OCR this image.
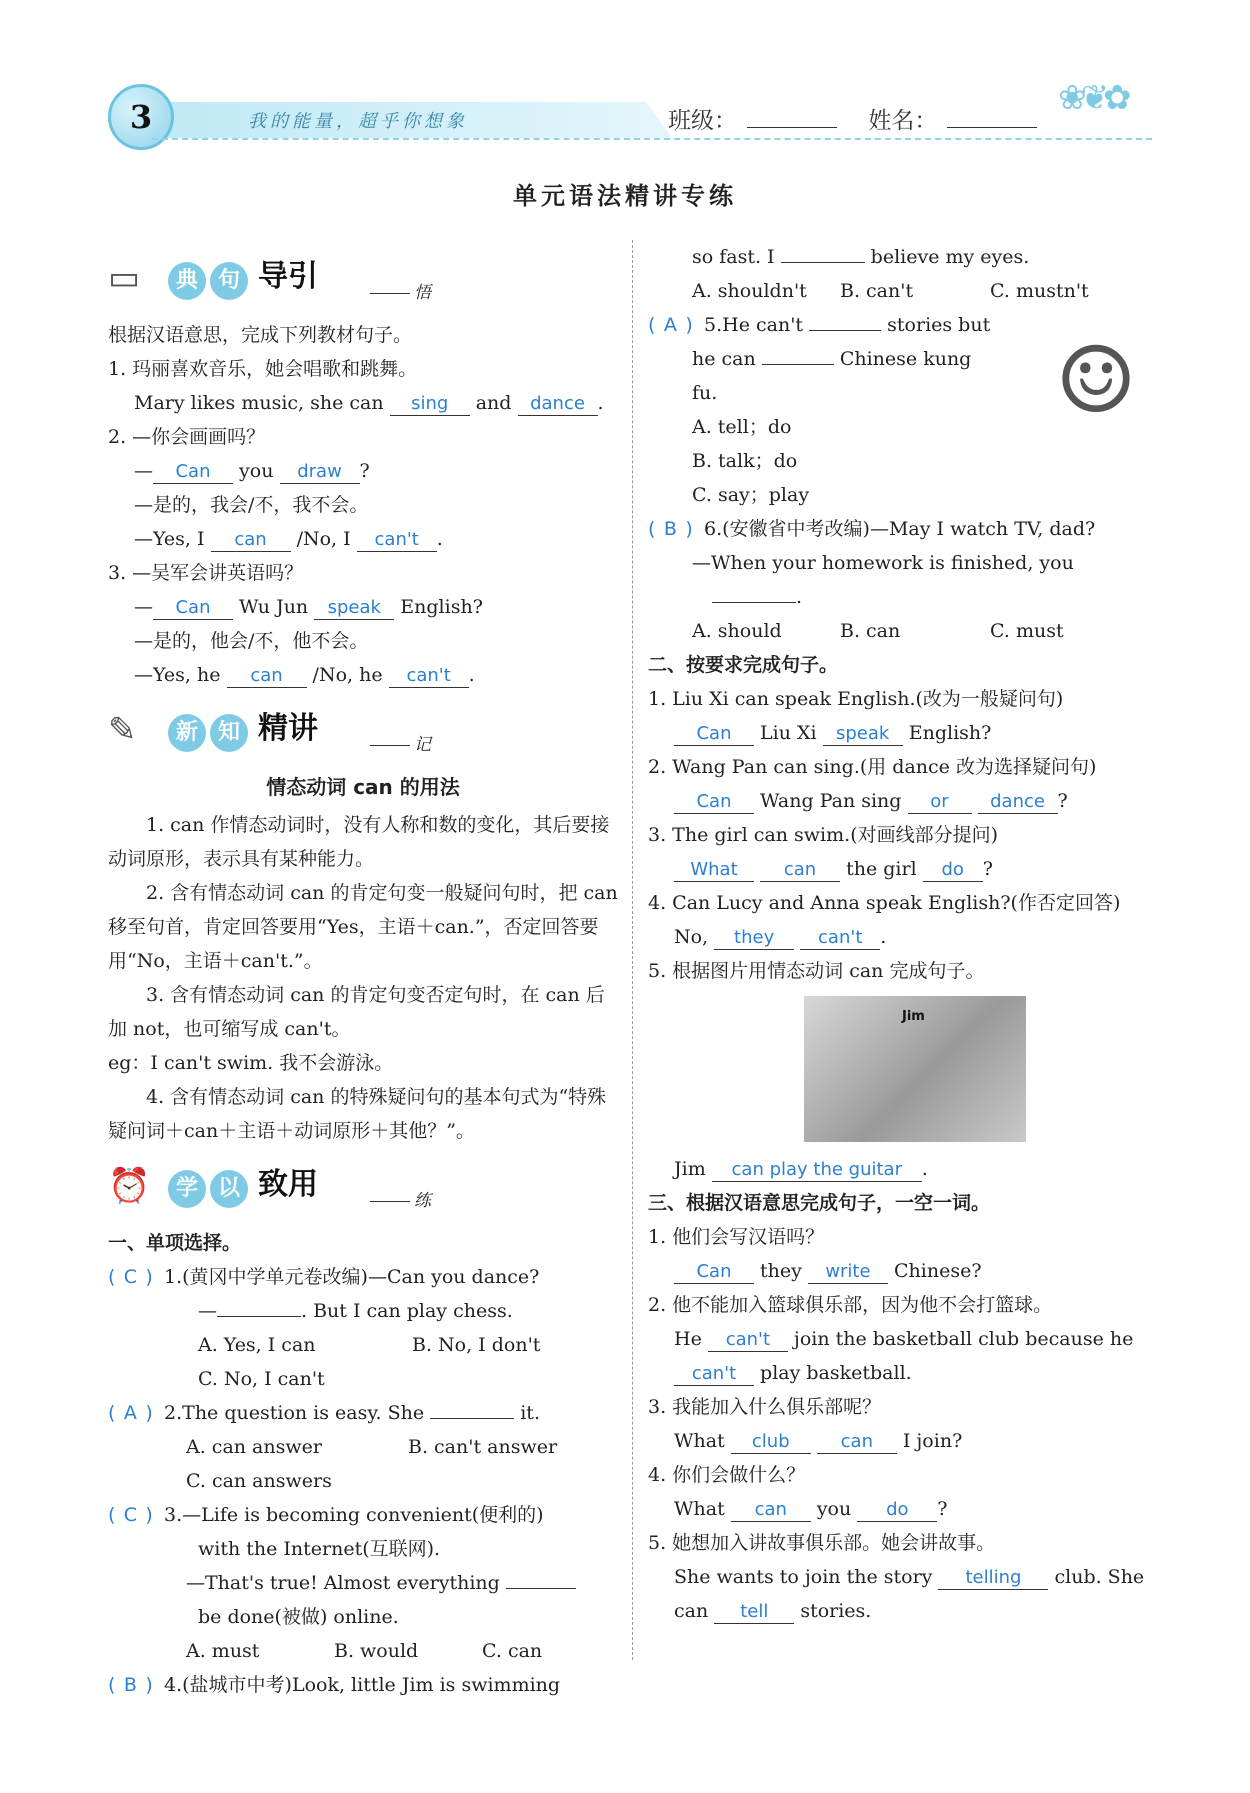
3	我的能量，超乎你想象	班级：	姓名：
❀❦✿
单元语法精讲专练
▭	典 句 导引	悟

根据汉语意思，完成下列教材句子。

1. 玛丽喜欢音乐，她会唱歌和跳舞。

Mary likes music, she can sing and dance .

2. —你会画画吗？

— Can you draw ?

—是的，我会/不，我不会。

—Yes, I can /No, I can't .

3. —吴军会讲英语吗？

— Can Wu Jun speak English?

—是的，他会/不，他不会。

—Yes, he can /No, he can't .

✎	新 知 精讲	记

情态动词 can 的用法

1. can 作情态动词时，没有人称和数的变化，其后要接动词原形，表示具有某种能力。

2. 含有情态动词 can 的肯定句变一般疑问句时，把 can 移至句首，肯定回答要用“Yes，主语＋can.”，否定回答要用“No，主语＋can't.”。

3. 含有情态动词 can 的肯定句变否定句时，在 can 后加 not，也可缩写成 can't。

eg：I can't swim. 我不会游泳。

4. 含有情态动词 can 的特殊疑问句的基本句式为“特殊疑问词＋can＋主语＋动词原形＋其他？”。

⏰	学 以 致用	练

一、单项选择。

( C ) 1.(黄冈中学单元卷改编)—Can you dance?

—	. But I can play chess.

A. Yes, I can	B. No, I don't

C. No, I can't

( A ) 2.The question is easy. She	it.

A. can answer	B. can't answer

C. can answers

( C ) 3.—Life is becoming convenient(便利的)

with the Internet(互联网).

—That's true! Almost everything

be done(被做) online.

A. must	B. would	C. can

( B ) 4.(盐城市中考)Look, little Jim is swimming

so fast. I	believe my eyes.

A. shouldn't B. can't	C. mustn't

( A ) 5.He can't	stories but

he can	Chinese kung

fu.

A. tell；do

B. talk；do

C. say；play

( B ) 6.(安徽省中考改编)—May I watch TV, dad?

—When your homework is finished, you

.

A. should	B. can	C. must

二、按要求完成句子。

1. Liu Xi can speak English.(改为一般疑问句)

Can Liu Xi speak English?

2. Wang Pan can sing.(用 dance 改为选择疑问句)

Can Wang Pan sing or dance ?

3. The girl can swim.(对画线部分提问)

What	can the girl do ?

4. Can Lucy and Anna speak English?(作否定回答)

No, they can't .

5. 根据图片用情态动词 can 完成句子。

Jim

Jim can play the guitar .

三、根据汉语意思完成句子，一空一词。

1. 他们会写汉语吗？

Can they write Chinese?

2. 他不能加入篮球俱乐部，因为他不会打篮球。

He can't join the basketball club because he

can't play basketball.

3. 我能加入什么俱乐部呢？

What club	can I join?

4. 你们会做什么？

What can you do ?

5. 她想加入讲故事俱乐部。她会讲故事。

She wants to join the story telling club. She

can tell stories.

☺
